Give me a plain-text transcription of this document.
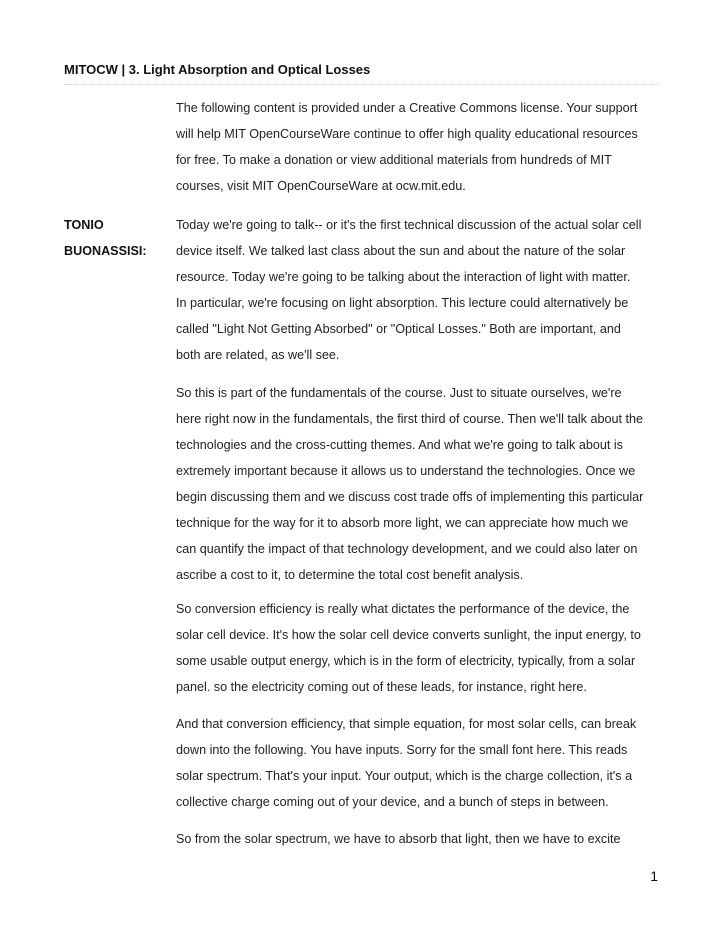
MITOCW | 3. Light Absorption and Optical Losses
The following content is provided under a Creative Commons license. Your support
will help MIT OpenCourseWare continue to offer high quality educational resources
for free. To make a donation or view additional materials from hundreds of MIT
courses, visit MIT OpenCourseWare at ocw.mit.edu.
TONIO
BUONASSISI:
Today we're going to talk-- or it's the first technical discussion of the actual solar cell
device itself. We talked last class about the sun and about the nature of the solar
resource. Today we're going to be talking about the interaction of light with matter.
In particular, we're focusing on light absorption. This lecture could alternatively be
called "Light Not Getting Absorbed" or "Optical Losses." Both are important, and
both are related, as we'll see.
So this is part of the fundamentals of the course. Just to situate ourselves, we're
here right now in the fundamentals, the first third of course. Then we'll talk about the
technologies and the cross-cutting themes. And what we're going to talk about is
extremely important because it allows us to understand the technologies. Once we
begin discussing them and we discuss cost trade offs of implementing this particular
technique for the way for it to absorb more light, we can appreciate how much we
can quantify the impact of that technology development, and we could also later on
ascribe a cost to it, to determine the total cost benefit analysis.
So conversion efficiency is really what dictates the performance of the device, the
solar cell device. It's how the solar cell device converts sunlight, the input energy, to
some usable output energy, which is in the form of electricity, typically, from a solar
panel. so the electricity coming out of these leads, for instance, right here.
And that conversion efficiency, that simple equation, for most solar cells, can break
down into the following. You have inputs. Sorry for the small font here. This reads
solar spectrum. That's your input. Your output, which is the charge collection, it's a
collective charge coming out of your device, and a bunch of steps in between.
So from the solar spectrum, we have to absorb that light, then we have to excite
1
